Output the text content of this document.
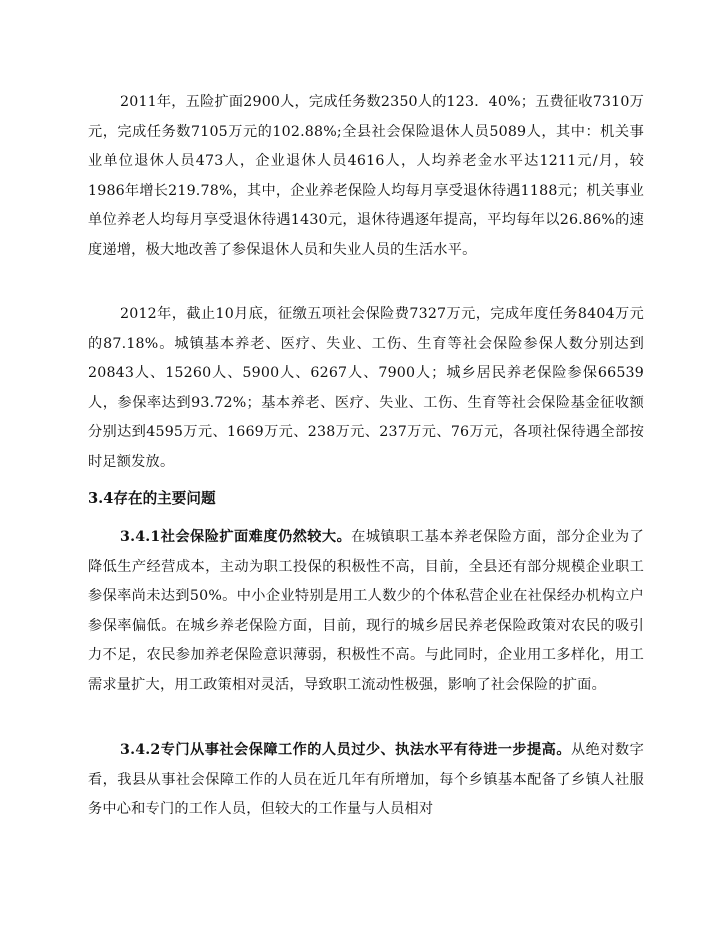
2011年，五险扩面2900人，完成任务数2350人的123．40%；五费征收7310万元，完成任务数7105万元的102.88%;全县社会保险退休人员5089人，其中：机关事业单位退休人员473人，企业退休人员4616人，人均养老金水平达1211元/月，较1986年增长219.78%，其中，企业养老保险人均每月享受退休待遇1188元；机关事业单位养老人均每月享受退休待遇1430元，退休待遇逐年提高，平均每年以26.86%的速度递增，极大地改善了参保退休人员和失业人员的生活水平。

2012年，截止10月底，征缴五项社会保险费7327万元，完成年度任务8404万元的87.18%。城镇基本养老、医疗、失业、工伤、生育等社会保险参保人数分别达到20843人、15260人、5900人、6267人、7900人；城乡居民养老保险参保66539人，参保率达到93.72%；基本养老、医疗、失业、工伤、生育等社会保险基金征收额分别达到4595万元、1669万元、238万元、237万元、76万元，各项社保待遇全部按时足额发放。

3.4存在的主要问题

3.4.1社会保险扩面难度仍然较大。在城镇职工基本养老保险方面，部分企业为了降低生产经营成本，主动为职工投保的积极性不高，目前，全县还有部分规模企业职工参保率尚未达到50%。中小企业特别是用工人数少的个体私营企业在社保经办机构立户参保率偏低。在城乡养老保险方面，目前，现行的城乡居民养老保险政策对农民的吸引力不足，农民参加养老保险意识薄弱，积极性不高。与此同时，企业用工多样化，用工需求量扩大，用工政策相对灵活，导致职工流动性极强，影响了社会保险的扩面。

3.4.2专门从事社会保障工作的人员过少、执法水平有待进一步提高。从绝对数字看，我县从事社会保障工作的人员在近几年有所增加，每个乡镇基本配备了乡镇人社服务中心和专门的工作人员，但较大的工作量与人员相对
